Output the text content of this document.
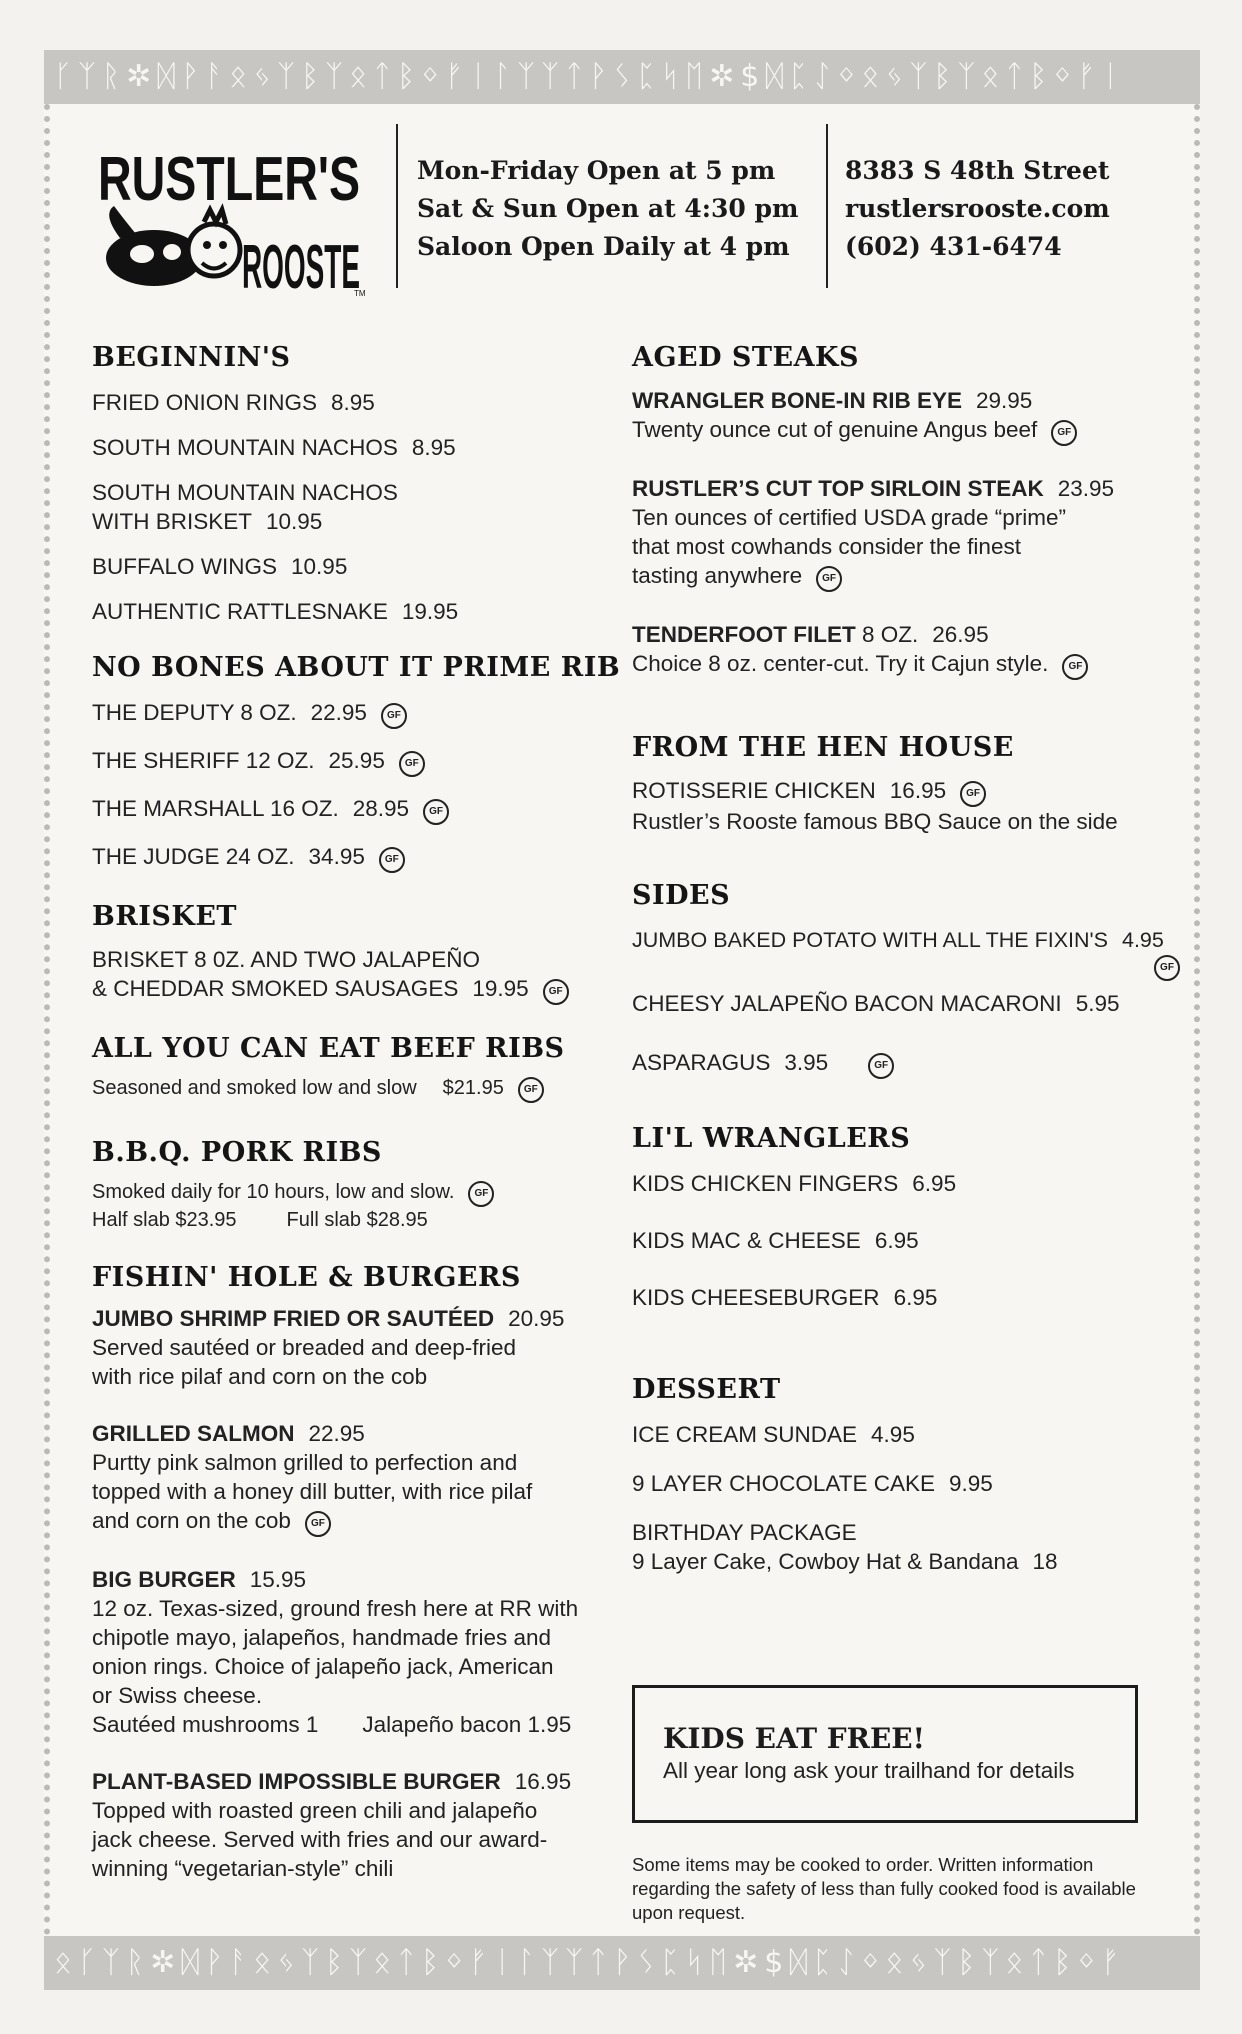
ᚴᛉᚱ✲ᛞᚹᚨᛟᛃᛉᛒᛉᛟᛏᛒᛜᚠᛁᛚᛉᛉᛏᚹᛊᛈᛋᛖ✲$ᛞᛈᛇᛜᛟᛃᛉᛒᛉᛟᛏᛒᛜᚠᛁ
ᛟᚴᛉᚱ✲ᛞᚹᚨᛟᛃᛉᛒᛉᛟᛏᛒᛜᚠᛁᛚᛉᛉᛏᚹᛊᛈᛋᛖ✲$ᛞᛈᛇᛜᛟᛃᛉᛒᛉᛟᛏᛒᛜᚠ
RUSTLER'S
ROOSTE
TM
Mon-Friday Open at 5 pm
Sat & Sun Open at 4:30 pm
Saloon Open Daily at 4 pm
8383 S 48th Street
rustlersrooste.com
(602) 431-6474
BEGINNIN'S
FRIED ONION RINGS 8.95
SOUTH MOUNTAIN NACHOS 8.95
SOUTH MOUNTAIN NACHOS
WITH BRISKET 10.95
BUFFALO WINGS 10.95
AUTHENTIC RATTLESNAKE 19.95
NO BONES ABOUT IT PRIME RIB
THE DEPUTY 8 OZ. 22.95 GF
THE SHERIFF 12 OZ. 25.95 GF
THE MARSHALL 16 OZ. 28.95 GF
THE JUDGE 24 OZ. 34.95 GF
BRISKET
BRISKET 8 0Z. AND TWO JALAPEÑO
& CHEDDAR SMOKED SAUSAGES 19.95 GF
ALL YOU CAN EAT BEEF RIBS
Seasoned and smoked low and slow $21.95 GF
B.B.Q. PORK RIBS
Smoked daily for 10 hours, low and slow. GF
Half slab $23.95	Full slab $28.95
FISHIN' HOLE & BURGERS
JUMBO SHRIMP FRIED OR SAUTÉED 20.95
Served sautéed or breaded and deep-fried
with rice pilaf and corn on the cob
GRILLED SALMON 22.95
Purtty pink salmon grilled to perfection and
topped with a honey dill butter, with rice pilaf
and corn on the cob GF
BIG BURGER 15.95
12 oz. Texas-sized, ground fresh here at RR with
chipotle mayo, jalapeños, handmade fries and
onion rings. Choice of jalapeño jack, American
or Swiss cheese.
Sautéed mushrooms 1 Jalapeño bacon 1.95
PLANT-BASED IMPOSSIBLE BURGER 16.95
Topped with roasted green chili and jalapeño
jack cheese. Served with fries and our award-
winning “vegetarian-style” chili
AGED STEAKS
WRANGLER BONE-IN RIB EYE 29.95
Twenty ounce cut of genuine Angus beef GF
RUSTLER’S CUT TOP SIRLOIN STEAK 23.95
Ten ounces of certified USDA grade “prime”
that most cowhands consider the finest
tasting anywhere GF
TENDERFOOT FILET 8 OZ. 26.95
Choice 8 oz. center-cut. Try it Cajun style. GF
FROM THE HEN HOUSE
ROTISSERIE CHICKEN 16.95 GF
Rustler’s Rooste famous BBQ Sauce on the side
SIDES
JUMBO BAKED POTATO WITH ALL THE FIXIN'S 4.95
GF
CHEESY JALAPEÑO BACON MACARONI 5.95
ASPARAGUS 3.95	GF
LI'L WRANGLERS
KIDS CHICKEN FINGERS 6.95
KIDS MAC & CHEESE 6.95
KIDS CHEESEBURGER 6.95
DESSERT
ICE CREAM SUNDAE 4.95
9 LAYER CHOCOLATE CAKE 9.95
BIRTHDAY PACKAGE
9 Layer Cake, Cowboy Hat & Bandana 18
KIDS EAT FREE!
All year long ask your trailhand for details
Some items may be cooked to order. Written information regarding the safety of less than fully cooked food is available upon request.
